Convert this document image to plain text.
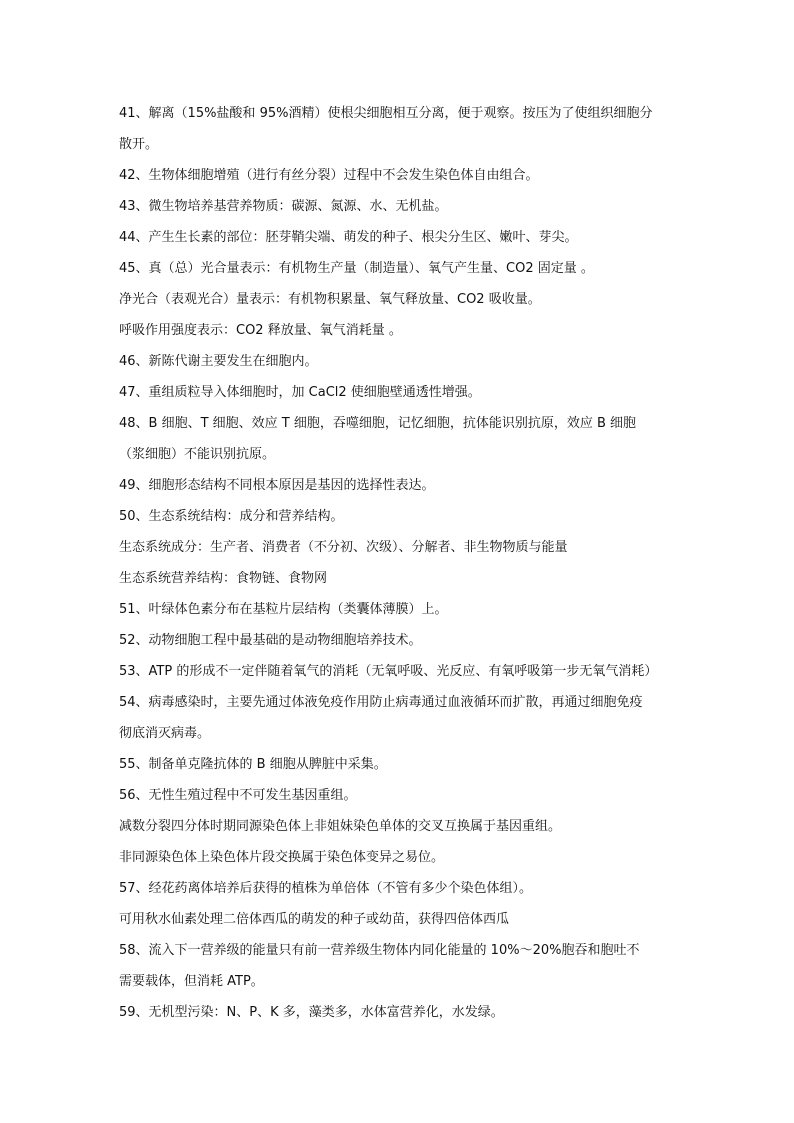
41、解离（15%盐酸和 95%酒精）使根尖细胞相互分离，便于观察。按压为了使组织细胞分

散开。

42、生物体细胞增殖（进行有丝分裂）过程中不会发生染色体自由组合。

43、微生物培养基营养物质：碳源、氮源、水、无机盐。

44、产生生长素的部位：胚芽鞘尖端、萌发的种子、根尖分生区、嫩叶、芽尖。

45、真（总）光合量表示：有机物生产量（制造量）、氧气产生量、CO2 固定量 。

净光合（表观光合）量表示：有机物积累量、氧气释放量、CO2 吸收量。

呼吸作用强度表示：CO2 释放量、氧气消耗量 。

46、新陈代谢主要发生在细胞内。

47、重组质粒导入体细胞时，加 CaCl2 使细胞壁通透性增强。

48、B 细胞、T 细胞、效应 T 细胞，吞噬细胞，记忆细胞，抗体能识别抗原，效应 B 细胞

（浆细胞）不能识别抗原。

49、细胞形态结构不同根本原因是基因的选择性表达。

50、生态系统结构：成分和营养结构。

生态系统成分：生产者、消费者（不分初、次级）、分解者、非生物物质与能量

生态系统营养结构：食物链、食物网

51、叶绿体色素分布在基粒片层结构（类囊体薄膜）上。

52、动物细胞工程中最基础的是动物细胞培养技术。

53、ATP 的形成不一定伴随着氧气的消耗（无氧呼吸、光反应、有氧呼吸第一步无氧气消耗）

54、病毒感染时，主要先通过体液免疫作用防止病毒通过血液循环而扩散，再通过细胞免疫

彻底消灭病毒。

55、制备单克隆抗体的 B 细胞从脾脏中采集。

56、无性生殖过程中不可发生基因重组。

减数分裂四分体时期同源染色体上非姐妹染色单体的交叉互换属于基因重组。

非同源染色体上染色体片段交换属于染色体变异之易位。

57、经花药离体培养后获得的植株为单倍体（不管有多少个染色体组）。

可用秋水仙素处理二倍体西瓜的萌发的种子或幼苗，获得四倍体西瓜

58、流入下一营养级的能量只有前一营养级生物体内同化能量的 10%～20%胞吞和胞吐不

需要载体，但消耗 ATP。

59、无机型污染：N、P、K 多，藻类多，水体富营养化，水发绿。
